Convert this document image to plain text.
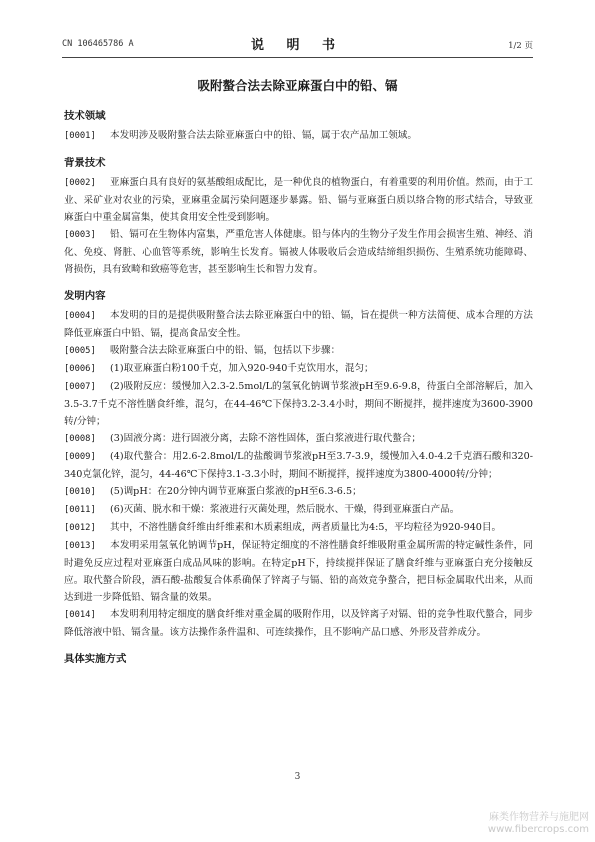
CN 106465786 A	说 明 书	1/2 页
吸附螯合法去除亚麻蛋白中的铅、镉
技术领域

[0001] 本发明涉及吸附螯合法去除亚麻蛋白中的铅、镉，属于农产品加工领域。

背景技术

[0002] 亚麻蛋白具有良好的氨基酸组成配比，是一种优良的植物蛋白，有着重要的利用价值。然而，由于工业、采矿业对农业的污染，亚麻重金属污染问题逐步暴露。铅、镉与亚麻蛋白质以络合物的形式结合，导致亚麻蛋白中重金属富集，使其食用安全性受到影响。

[0003] 铅、镉可在生物体内富集，严重危害人体健康。铅与体内的生物分子发生作用会损害生殖、神经、消化、免疫、肾脏、心血管等系统，影响生长发育。镉被人体吸收后会造成结缔组织损伤、生殖系统功能障碍、肾损伤，具有致畸和致癌等危害，甚至影响生长和智力发育。

发明内容

[0004] 本发明的目的是提供吸附螯合法去除亚麻蛋白中的铅、镉，旨在提供一种方法简便、成本合理的方法降低亚麻蛋白中铅、镉，提高食品安全性。

[0005] 吸附螯合法去除亚麻蛋白中的铅、镉，包括以下步骤：

[0006] (1)取亚麻蛋白粉100千克，加入920-940千克饮用水，混匀；

[0007] (2)吸附反应：缓慢加入2.3-2.5mol/L的氢氧化钠调节浆液pH至9.6-9.8，待蛋白全部溶解后，加入3.5-3.7千克不溶性膳食纤维，混匀，在44-46℃下保持3.2-3.4小时，期间不断搅拌，搅拌速度为3600-3900转/分钟；

[0008] (3)固液分离：进行固液分离，去除不溶性固体，蛋白浆液进行取代螯合；

[0009] (4)取代螯合：用2.6-2.8mol/L的盐酸调节浆液pH至3.7-3.9，缓慢加入4.0-4.2千克酒石酸和320-340克氯化锌，混匀，44-46℃下保持3.1-3.3小时，期间不断搅拌，搅拌速度为3800-4000转/分钟；

[0010] (5)调pH：在20分钟内调节亚麻蛋白浆液的pH至6.3-6.5；

[0011] (6)灭菌、脱水和干燥：浆液进行灭菌处理，然后脱水、干燥，得到亚麻蛋白产品。

[0012] 其中，不溶性膳食纤维由纤维素和木质素组成，两者质量比为4:5，平均粒径为920-940目。

[0013] 本发明采用氢氧化钠调节pH，保证特定细度的不溶性膳食纤维吸附重金属所需的特定碱性条件，同时避免反应过程对亚麻蛋白成品风味的影响。在特定pH下，持续搅拌保证了膳食纤维与亚麻蛋白充分接触反应。取代螯合阶段，酒石酸-盐酸复合体系确保了锌离子与镉、铅的高效竞争螯合，把目标金属取代出来，从而达到进一步降低铅、镉含量的效果。

[0014] 本发明利用特定细度的膳食纤维对重金属的吸附作用，以及锌离子对镉、铅的竞争性取代螯合，同步降低溶液中铅、镉含量。该方法操作条件温和、可连续操作，且不影响产品口感、外形及营养成分。

具体实施方式
3
麻类作物营养与施肥网
www.fibercrops.com
